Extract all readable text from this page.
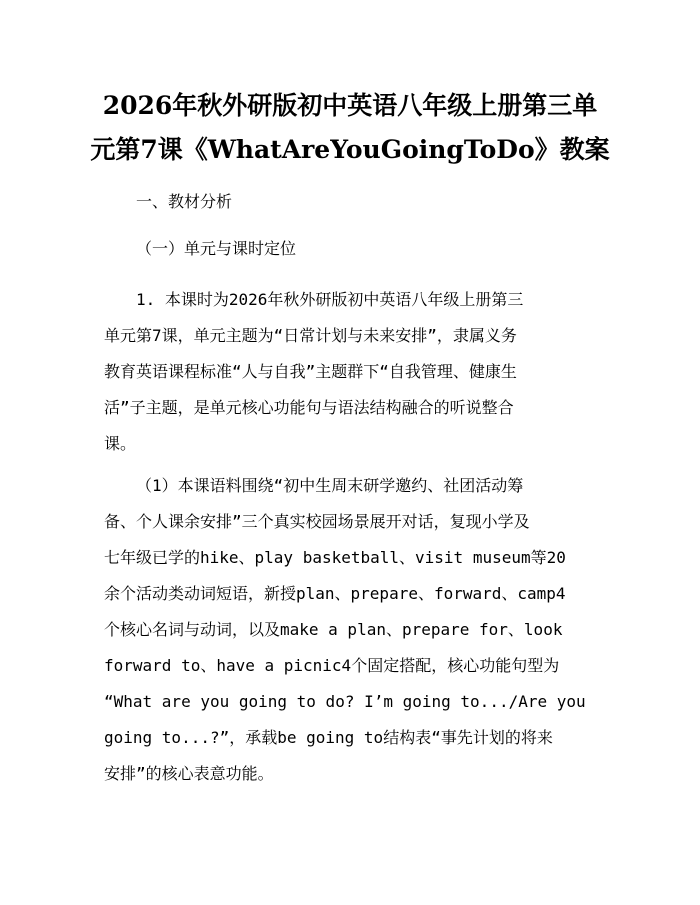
2026年秋外研版初中英语八年级上册第三单
元第7课《WhatAreYouGoingToDo》教案

一、教材分析

（一）单元与课时定位

1. 本课时为2026年秋外研版初中英语八年级上册第三
单元第7课，单元主题为“日常计划与未来安排”，隶属义务
教育英语课程标准“人与自我”主题群下“自我管理、健康生
活”子主题，是单元核心功能句与语法结构融合的听说整合
课。
（1）本课语料围绕“初中生周末研学邀约、社团活动筹
备、个人课余安排”三个真实校园场景展开对话，复现小学及
七年级已学的hike、play basketball、visit museum等20
余个活动类动词短语，新授plan、prepare、forward、camp4
个核心名词与动词，以及make a plan、prepare for、look
forward to、have a picnic4个固定搭配，核心功能句型为
“What are you going to do? I’m going to.../Are you
going to...?”，承载be going to结构表“事先计划的将来
安排”的核心表意功能。
